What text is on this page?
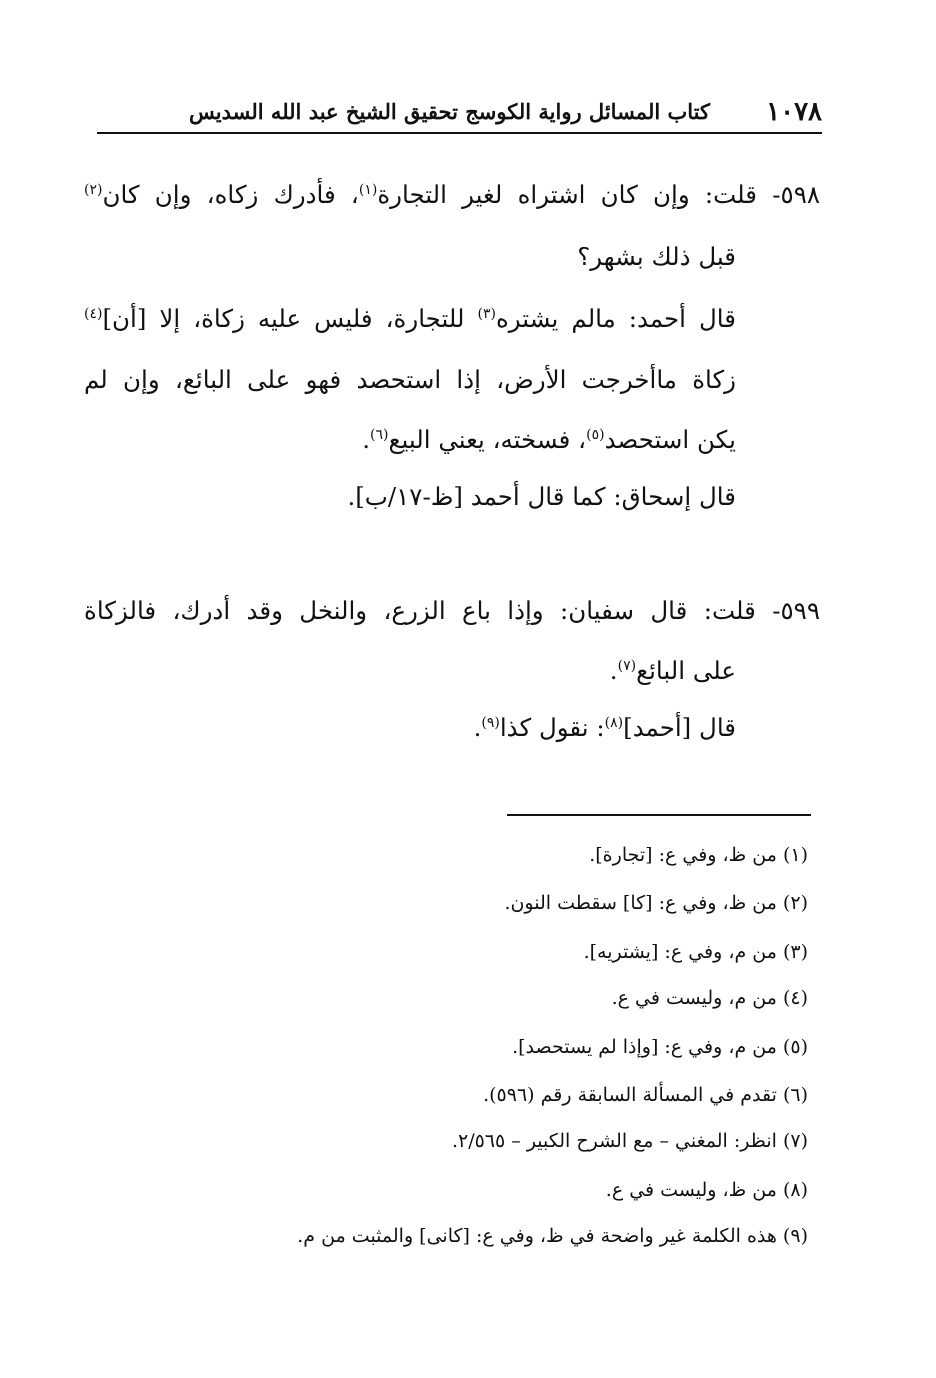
١٠٧٨
كتاب المسائل رواية الكوسج تحقيق الشيخ عبد الله السديس
٥٩٨- قلت: وإن كان اشتراه لغير التجارة$^{(١)}$، فأدرك زكاه، وإن كان$^{(٢)}$
قبل ذلك بشهر؟
قال أحمد: مالم يشتره$^{(٣)}$ للتجارة، فليس عليه زكاة، إلا [أن]$^{(٤)}$
زكاة ماأخرجت الأرض، إذا استحصد فهو على البائع، وإن لم
يكن استحصد$^{(٥)}$، فسخته، يعني البيع$^{(٦)}$.
قال إسحاق: كما قال أحمد [ظ-١٧/ب].
٥٩٩- قلت: قال سفيان: وإذا باع الزرع، والنخل وقد أدرك، فالزكاة
على البائع$^{(٧)}$.
قال [أحمد]$^{(٨)}$: نقول كذا$^{(٩)}$.
(١) من ظ، وفي ع: [تجارة].
(٢) من ظ، وفي ع: [كا] سقطت النون.
(٣) من م، وفي ع: [يشتريه].
(٤) من م، وليست في ع.
(٥) من م، وفي ع: [وإذا لم يستحصد].
(٦) تقدم في المسألة السابقة رقم (٥٩٦).
(٧) انظر: المغني – مع الشرح الكبير – ٢/٥٦٥.
(٨) من ظ، وليست في ع.
(٩) هذه الكلمة غير واضحة في ظ، وفي ع: [كانى] والمثبت من م.
